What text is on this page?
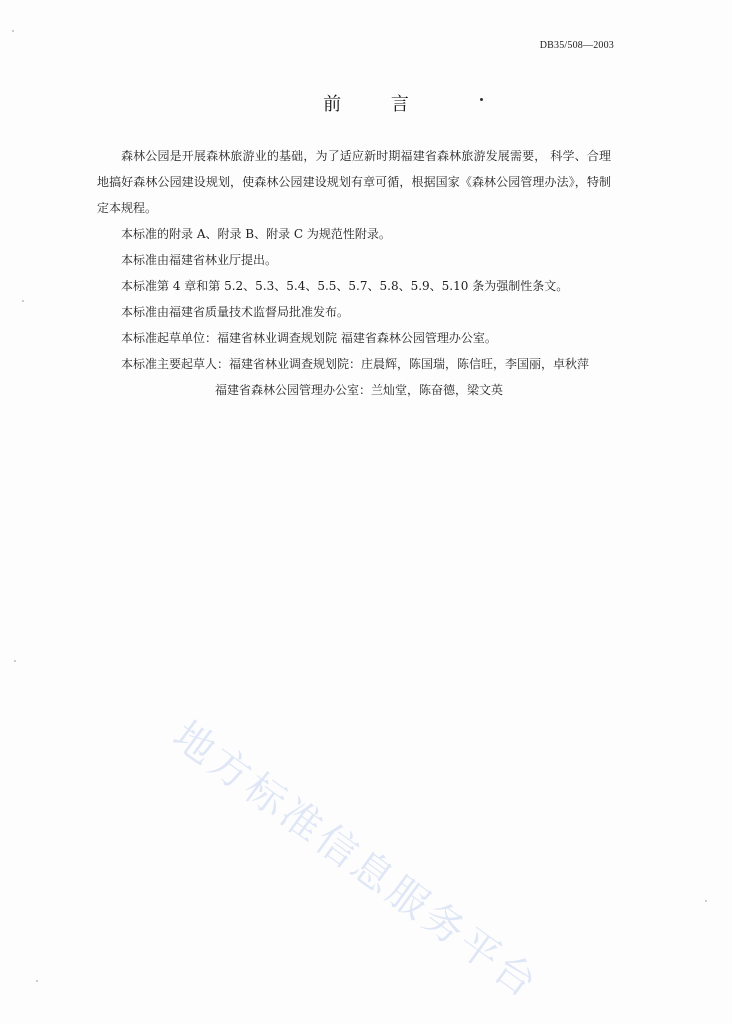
DB35/508—2003
前 言

森林公园是开展森林旅游业的基础，为了适应新时期福建省森林旅游发展需要， 科学、合理地搞好森林公园建设规划，使森林公园建设规划有章可循，根据国家《森林公园管理办法》，特制定本规程。

本标准的附录 A、附录 B、附录 C 为规范性附录。

本标准由福建省林业厅提出。

本标准第 4 章和第 5.2、5.3、5.4、5.5、5.7、5.8、5.9、5.10 条为强制性条文。

本标准由福建省质量技术监督局批准发布。

本标准起草单位：福建省林业调查规划院 福建省森林公园管理办公室。

本标准主要起草人：福建省林业调查规划院：庄晨辉，陈国瑞，陈信旺，李国丽，卓秋萍

福建省森林公园管理办公室：兰灿堂，陈奋德，梁文英

地方标准信息服务平台
